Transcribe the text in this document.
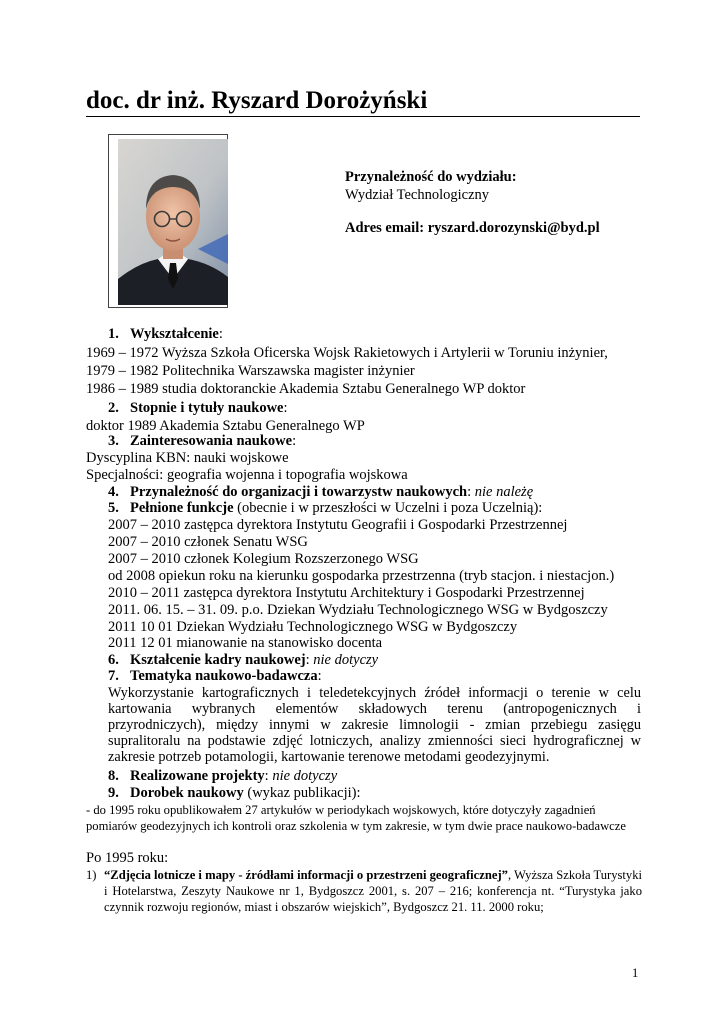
doc. dr inż. Ryszard Dorożyński
Przynależność do wydziału:
Wydział Technologiczny
Adres email: ryszard.dorozynski@byd.pl
1. Wykształcenie:
1969 – 1972 Wyższa Szkoła Oficerska Wojsk Rakietowych i Artylerii w Toruniu inżynier,
1979 – 1982 Politechnika Warszawska magister inżynier
1986 – 1989 studia doktoranckie Akademia Sztabu Generalnego WP doktor
2. Stopnie i tytuły naukowe:
doktor 1989 Akademia Sztabu Generalnego WP
3. Zainteresowania naukowe:
Dyscyplina KBN: nauki wojskowe
Specjalności: geografia wojenna i topografia wojskowa
4. Przynależność do organizacji i towarzystw naukowych: nie należę
5. Pełnione funkcje (obecnie i w przeszłości w Uczelni i poza Uczelnią):
2007 – 2010 zastępca dyrektora Instytutu Geografii i Gospodarki Przestrzennej
2007 – 2010 członek Senatu WSG
2007 – 2010 członek Kolegium Rozszerzonego WSG
od 2008 opiekun roku na kierunku gospodarka przestrzenna (tryb stacjon. i niestacjon.)
2010 – 2011 zastępca dyrektora Instytutu Architektury i Gospodarki Przestrzennej
2011. 06. 15. – 31. 09. p.o. Dziekan Wydziału Technologicznego WSG w Bydgoszczy
2011 10 01 Dziekan Wydziału Technologicznego WSG w Bydgoszczy
2011 12 01 mianowanie na stanowisko docenta
6. Kształcenie kadry naukowej: nie dotyczy
7. Tematyka naukowo-badawcza:

Wykorzystanie kartograficznych i teledetekcyjnych źródeł informacji o terenie w celu kartowania wybranych elementów składowych terenu (antropogenicznych i przyrodniczych), między innymi w zakresie limnologii - zmian przebiegu zasięgu supralitoralu na podstawie zdjęć lotniczych, analizy zmienności sieci hydrograficznej w zakresie potrzeb potamologii, kartowanie terenowe metodami geodezyjnymi.

8. Realizowane projekty: nie dotyczy
9. Dorobek naukowy (wykaz publikacji):

- do 1995 roku opublikowałem 27 artykułów w periodykach wojskowych, które dotyczyły zagadnień pomiarów geodezyjnych ich kontroli oraz szkolenia w tym zakresie, w tym dwie prace naukowo-badawcze

Po 1995 roku:
1) “Zdjęcia lotnicze i mapy - źródłami informacji o przestrzeni geograficznej”, Wyższa Szkoła Turystyki i Hotelarstwa, Zeszyty Naukowe nr 1, Bydgoszcz 2001, s. 207 – 216; konferencja nt. “Turystyka jako czynnik rozwoju regionów, miast i obszarów wiejskich”, Bydgoszcz 21. 11. 2000 roku;
1
